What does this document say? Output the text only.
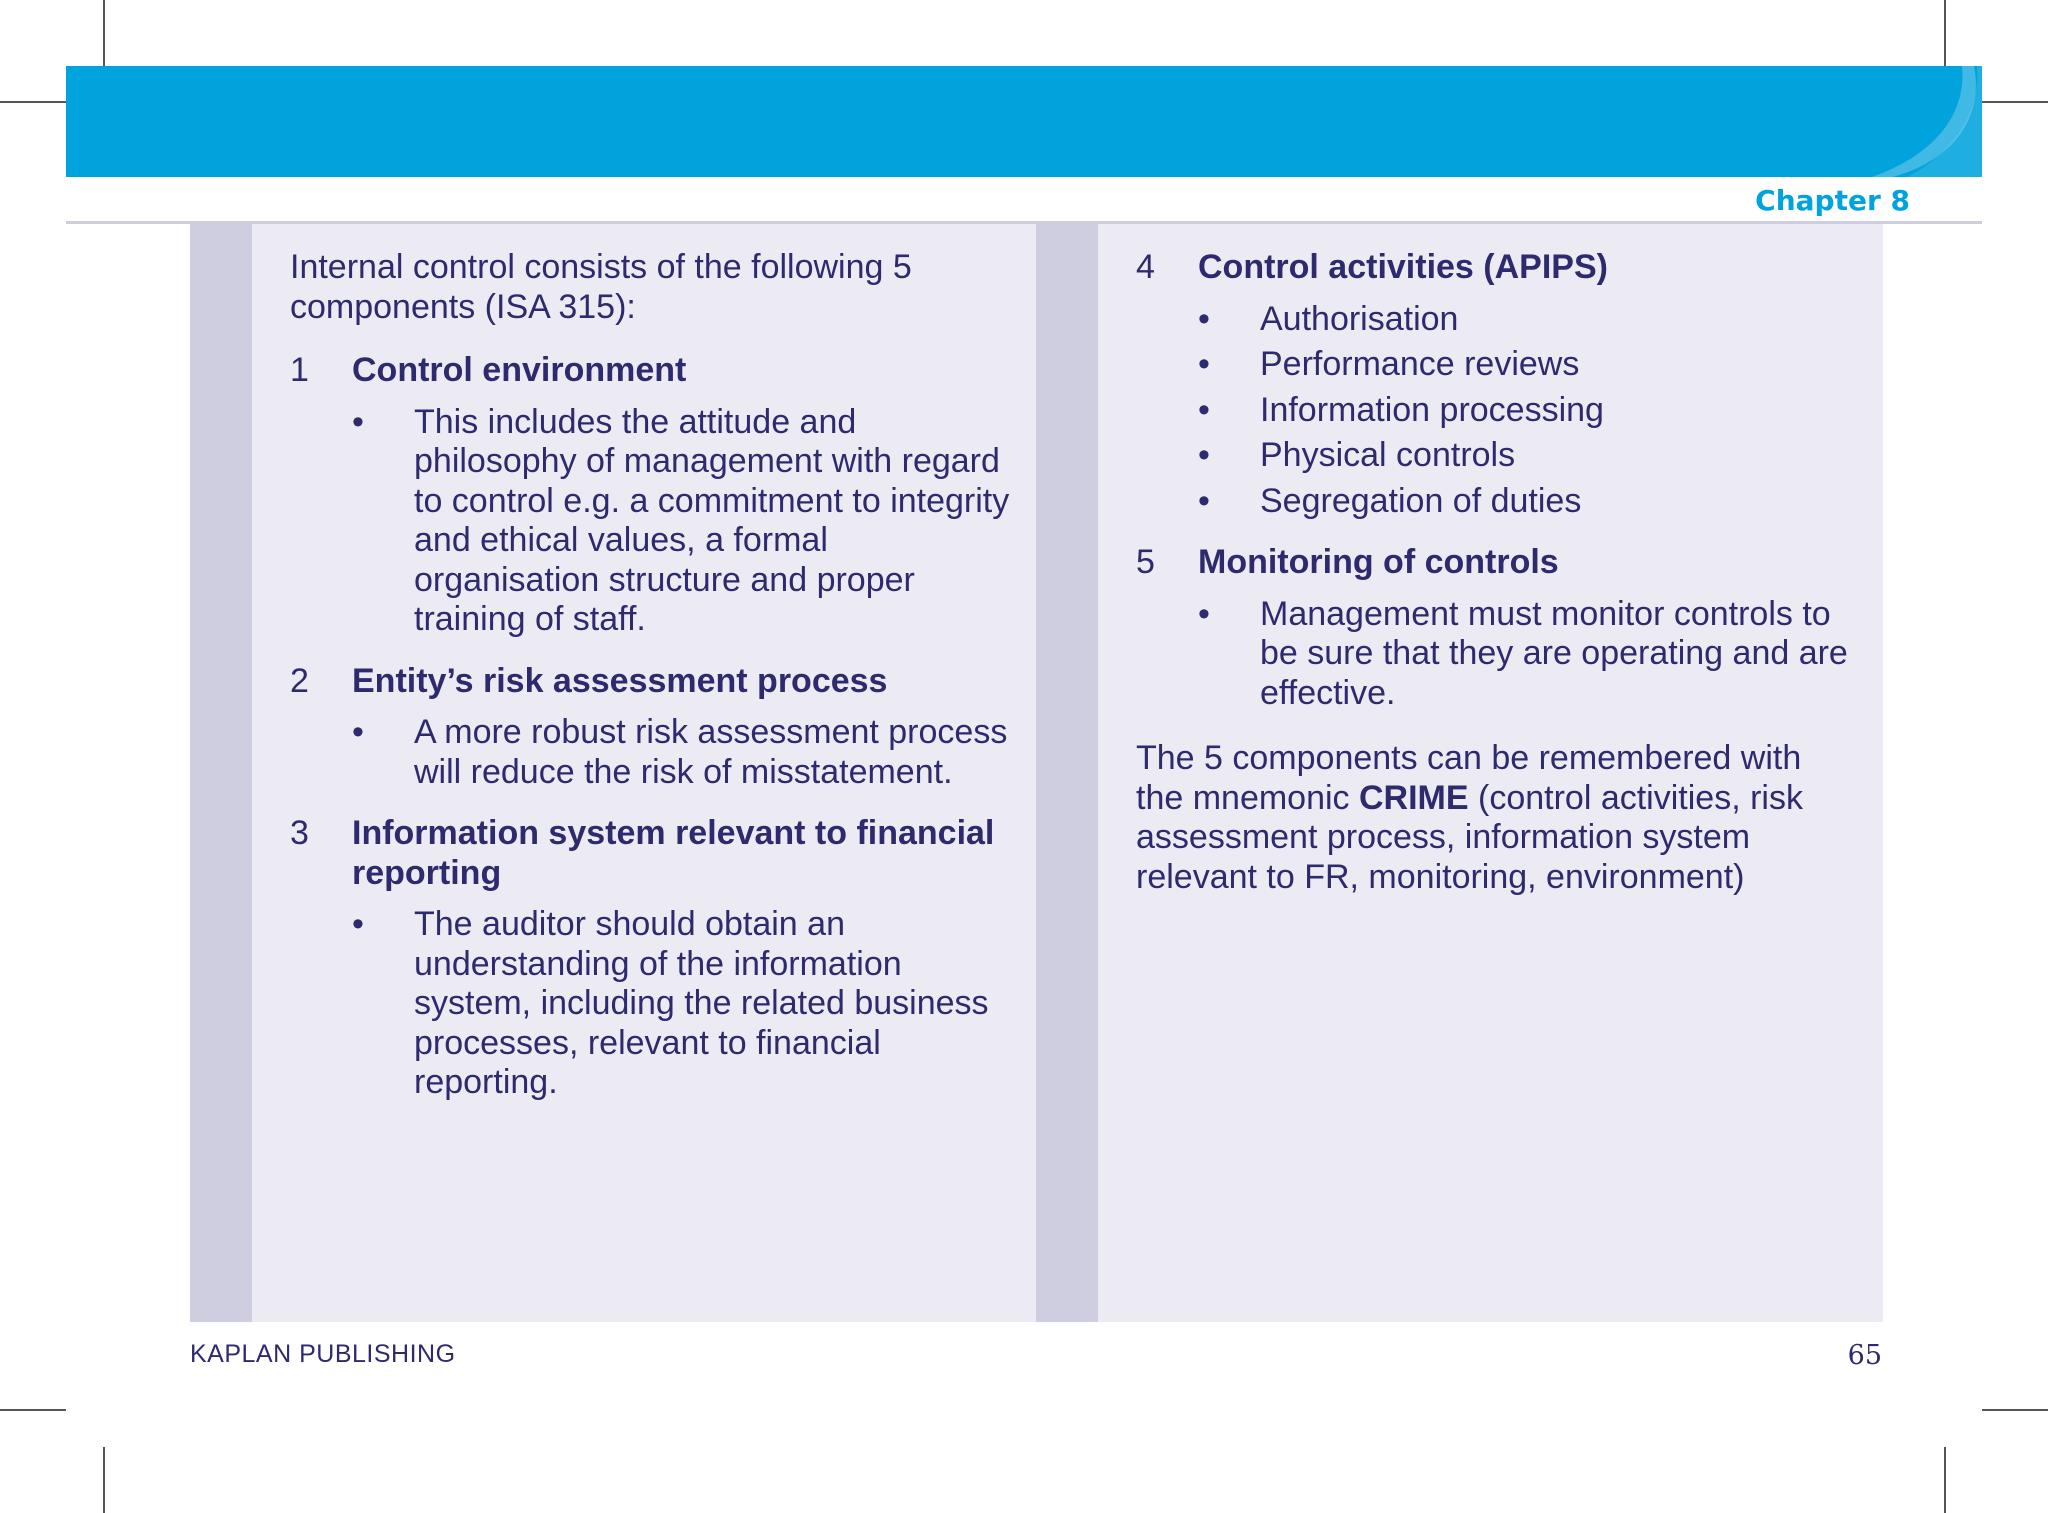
Chapter 8

Internal control consists of the following 5 components (ISA 315):

1 Control environment
•	This includes the attitude and philosophy of management with regard to control e.g. a commitment to integrity and ethical values, a formal organisation structure and proper training of staff.
2 Entity’s risk assessment process
•	A more robust risk assessment process will reduce the risk of misstatement.
3 Information system relevant to financial reporting
•	The auditor should obtain an understanding of the information system, including the related business processes, relevant to financial reporting.
4 Control activities (APIPS)
•	Authorisation
•	Performance reviews
•	Information processing
•	Physical controls
•	Segregation of duties
5 Monitoring of controls
•	Management must monitor controls to be sure that they are operating and are effective.

The 5 components can be remembered with the mnemonic CRIME (control activities, risk assessment process, information system relevant to FR, monitoring, environment)

KAPLAN PUBLISHING	65
